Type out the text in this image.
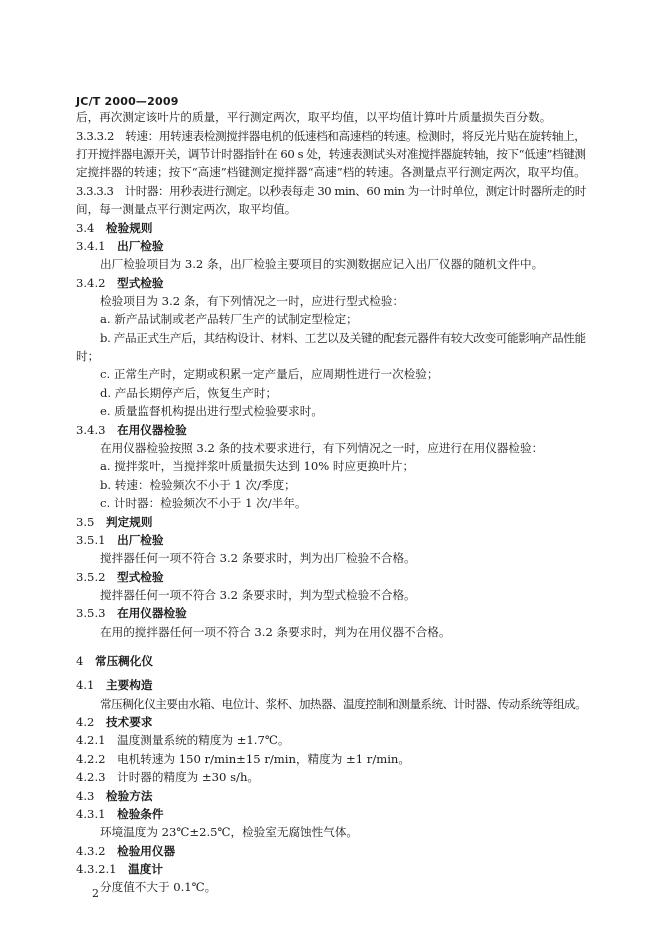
JC/T 2000—2009
后，再次测定该叶片的质量，平行测定两次，取平均值，以平均值计算叶片质量损失百分数。
3.3.3.2  转速：用转速表检测搅拌器电机的低速档和高速档的转速。检测时，将反光片贴在旋转轴上，
打开搅拌器电源开关，调节计时器指针在 60 s 处，转速表测试头对准搅拌器旋转轴，按下“低速”档键测
定搅拌器的转速；按下“高速”档键测定搅拌器“高速”档的转速。各测量点平行测定两次，取平均值。
3.3.3.3  计时器：用秒表进行测定。以秒表每走 30 min、60 min 为一计时单位，测定计时器所走的时
间，每一测量点平行测定两次，取平均值。
3.4  检验规则
3.4.1  出厂检验
出厂检验项目为 3.2 条，出厂检验主要项目的实测数据应记入出厂仪器的随机文件中。
3.4.2  型式检验
检验项目为 3.2 条，有下列情况之一时，应进行型式检验：
a. 新产品试制或老产品转厂生产的试制定型检定；
b. 产品正式生产后，其结构设计、材料、工艺以及关键的配套元器件有较大改变可能影响产品性能
时；
c. 正常生产时，定期或积累一定产量后，应周期性进行一次检验；
d. 产品长期停产后，恢复生产时；
e. 质量监督机构提出进行型式检验要求时。
3.4.3  在用仪器检验
在用仪器检验按照 3.2 条的技术要求进行，有下列情况之一时，应进行在用仪器检验：
a. 搅拌浆叶，当搅拌浆叶质量损失达到 10% 时应更换叶片；
b. 转速：检验频次不小于 1 次/季度；
c. 计时器：检验频次不小于 1 次/半年。
3.5  判定规则
3.5.1  出厂检验
搅拌器任何一项不符合 3.2 条要求时，判为出厂检验不合格。
3.5.2  型式检验
搅拌器任何一项不符合 3.2 条要求时，判为型式检验不合格。
3.5.3  在用仪器检验
在用的搅拌器任何一项不符合 3.2 条要求时，判为在用仪器不合格。
4  常压稠化仪
4.1  主要构造
常压稠化仪主要由水箱、电位计、浆杯、加热器、温度控制和测量系统、计时器、传动系统等组成。
4.2  技术要求
4.2.1  温度测量系统的精度为 ±1.7℃。
4.2.2  电机转速为 150 r/min±15 r/min，精度为 ±1 r/min。
4.2.3  计时器的精度为 ±30 s/h。
4.3  检验方法
4.3.1  检验条件
环境温度为 23℃±2.5℃，检验室无腐蚀性气体。
4.3.2  检验用仪器
4.3.2.1  温度计
分度值不大于 0.1℃。
2
